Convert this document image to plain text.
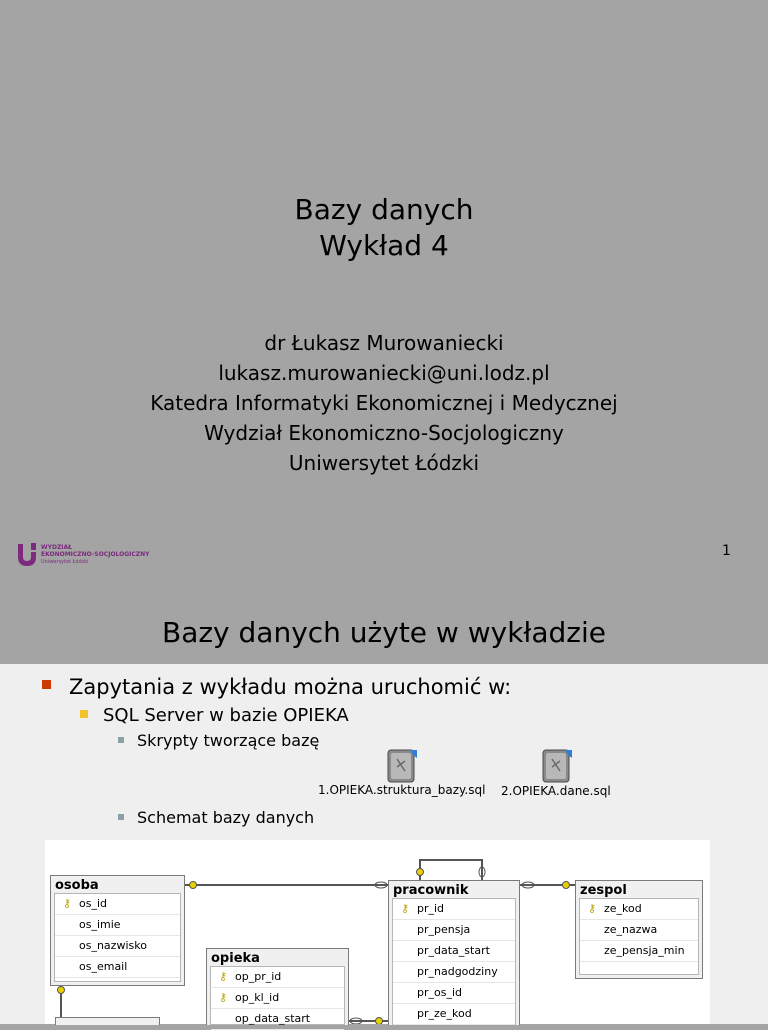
Bazy danych
Wykład 4
dr Łukasz Murowaniecki
lukasz.murowaniecki@uni.lodz.pl
Katedra Informatyki Ekonomicznej i Medycznej
Wydział Ekonomiczno-Socjologiczny
Uniwersytet Łódzki
WYDZIAŁ
EKONOMICZNO-SOCJOLOGICZNY
Uniwersytet Łódzki
1
Bazy danych użyte w wykładzie
Zapytania z wykładu można uruchomić w:
SQL Server w bazie OPIEKA
Skrypty tworzące bazę
1.OPIEKA.struktura_bazy.sql 2.OPIEKA.dane.sql
Schemat bazy danych
osoba
⚷ os_id
os_imie
os_nazwisko
os_email
opieka
⚷ op_pr_id
⚷ op_kl_id
op_data_start
pracownik
⚷ pr_id
pr_pensja
pr_data_start
pr_nadgodziny
pr_os_id
pr_ze_kod
zespol
⚷ ze_kod
ze_nazwa
ze_pensja_min
